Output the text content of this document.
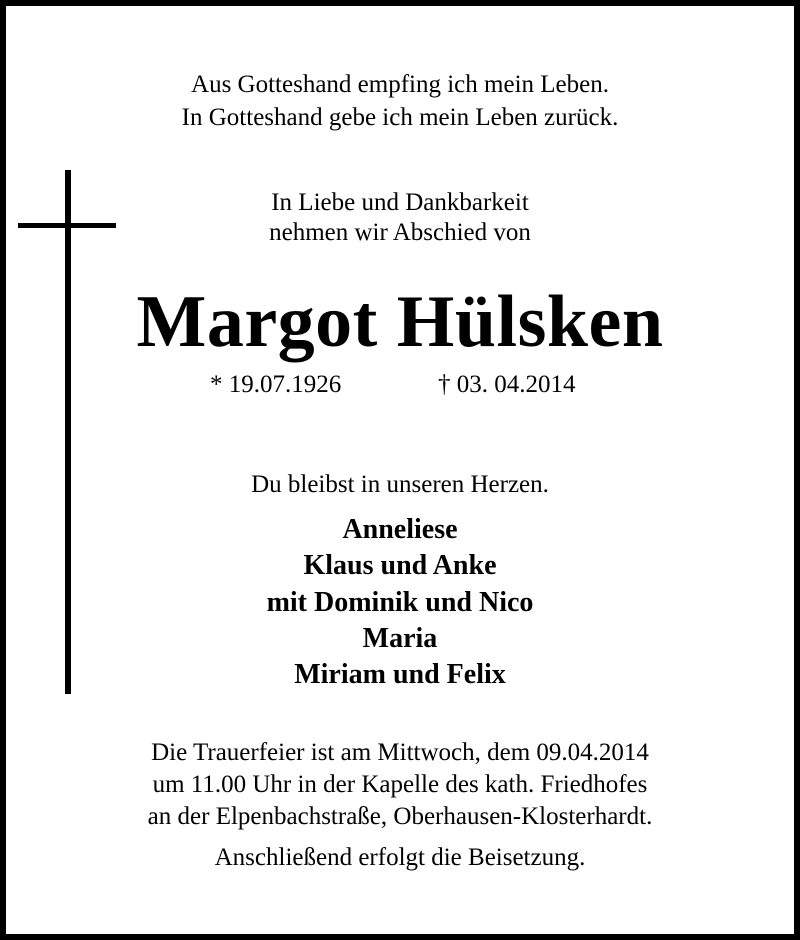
Aus Gotteshand empfing ich mein Leben.
In Gotteshand gebe ich mein Leben zurück.
In Liebe und Dankbarkeit
nehmen wir Abschied von
Margot Hülsken
* 19.07.1926	† 03. 04.2014
Du bleibst in unseren Herzen.
Anneliese
Klaus und Anke
mit Dominik und Nico
Maria
Miriam und Felix
Die Trauerfeier ist am Mittwoch, dem 09.04.2014
um 11.00 Uhr in der Kapelle des kath. Friedhofes
an der Elpenbachstraße, Oberhausen-Klosterhardt.
Anschließend erfolgt die Beisetzung.
